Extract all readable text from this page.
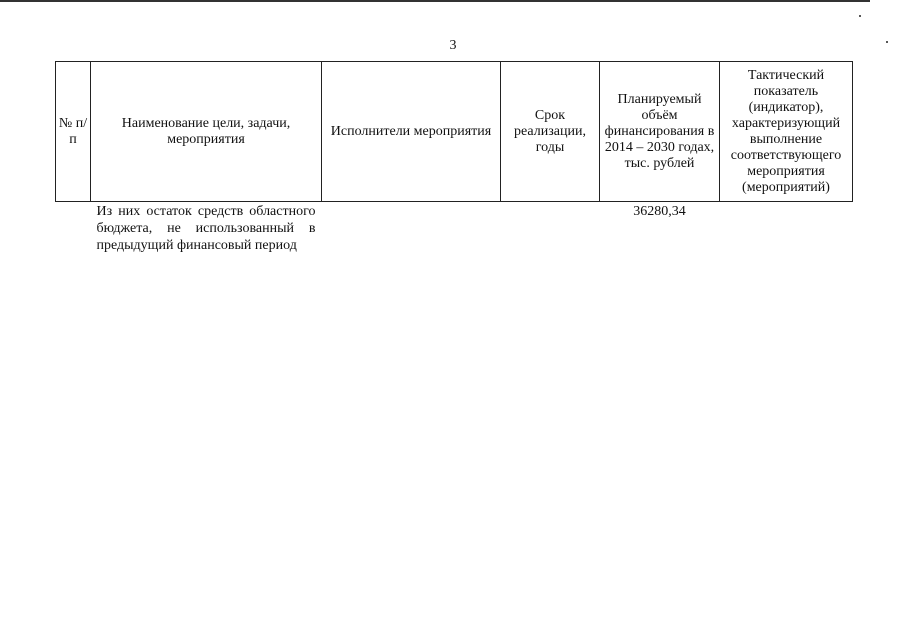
3
№ п/п	Наименование цели, задачи, мероприятия	Исполнители мероприятия	Срок реализации, годы	Планируемый объём финансирования в 2014 – 2030 годах, тыс. рублей	Тактический показатель (индикатор), характеризующий выполнение соответствующего мероприятия (мероприятий)
	Из них остаток средств областного бюджета, не использованный в предыдущий финансовый период			36280,34	
